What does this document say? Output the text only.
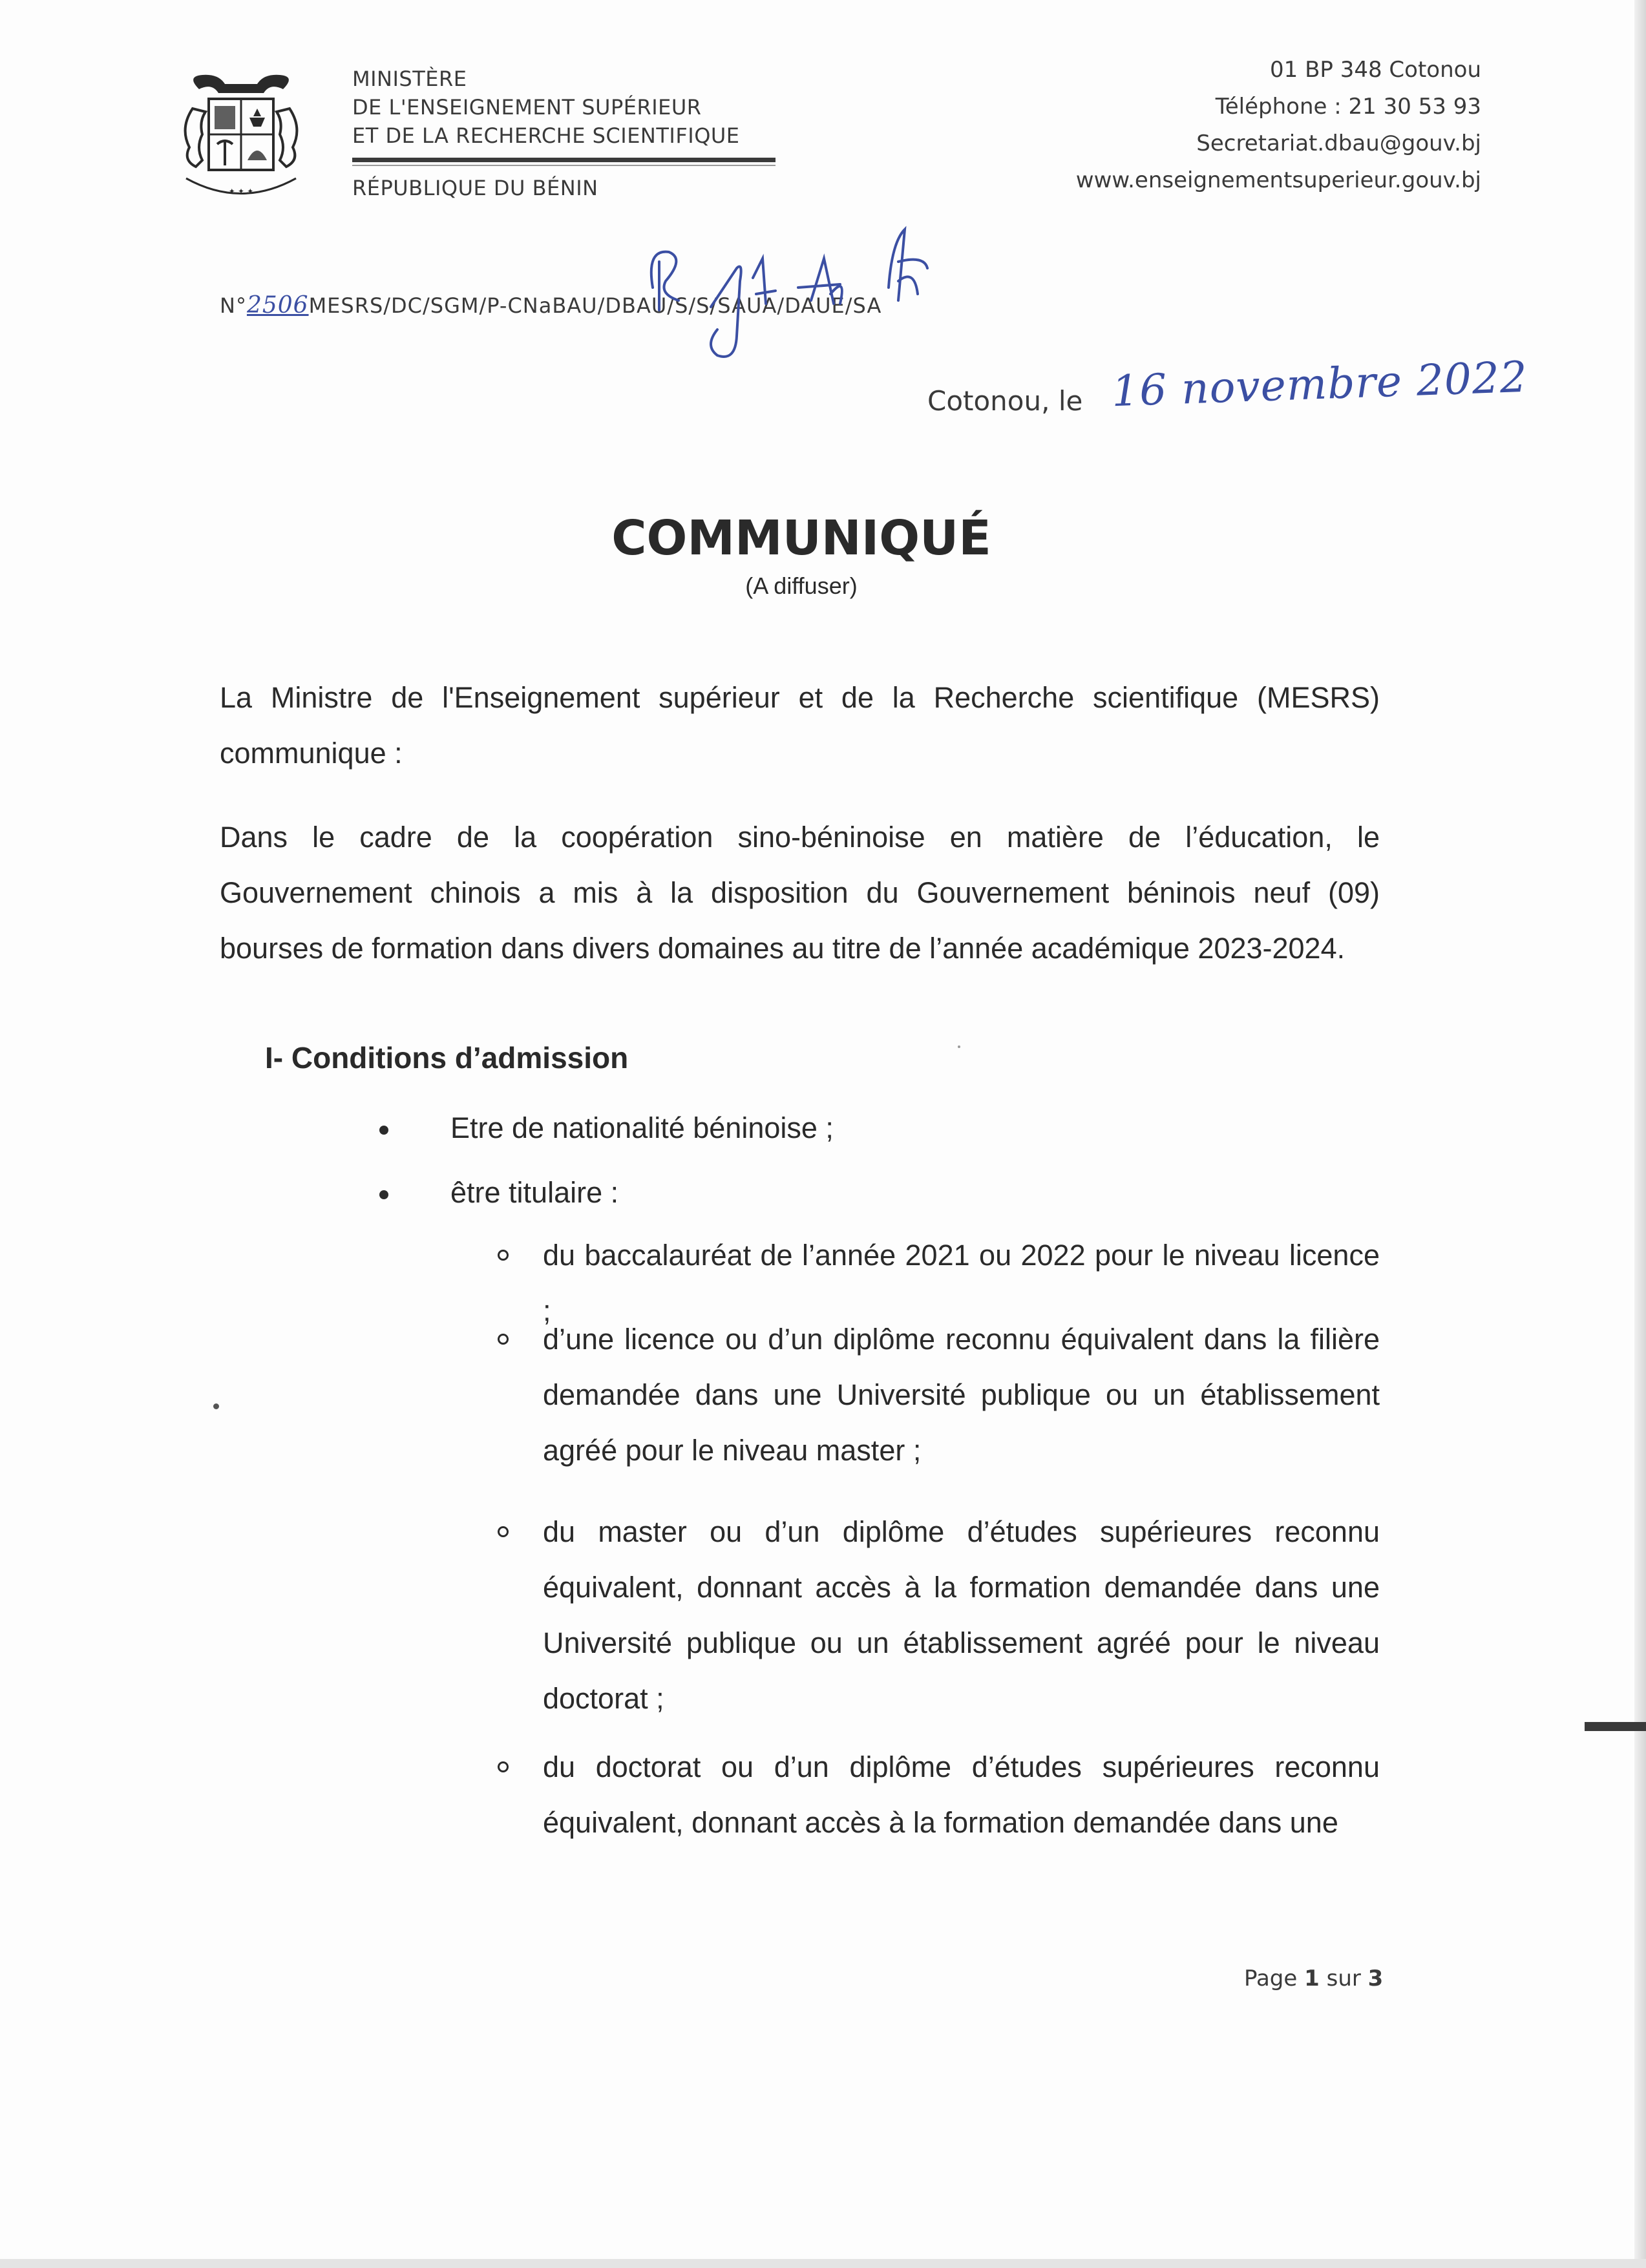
✦ ✦ ✦
MINISTÈRE
DE L'ENSEIGNEMENT SUPÉRIEUR
ET DE LA RECHERCHE SCIENTIFIQUE
RÉPUBLIQUE DU BÉNIN
01 BP 348 Cotonou
Téléphone : 21 30 53 93
Secretariat.dbau@gouv.bj
www.enseignementsuperieur.gouv.bj
N°2506MESRS/DC/SGM/P-CNaBAU/DBAU/S/S/SAUA/DAUE/SA
Cotonou, le 16 novembre 2022
COMMUNIQUÉ
(A diffuser)
La Ministre de l'Enseignement supérieur et de la Recherche scientifique (MESRS) communique :
Dans le cadre de la coopération sino-béninoise en matière de l’éducation, le Gouvernement chinois a mis à la disposition du Gouvernement béninois neuf (09) bourses de formation dans divers domaines au titre de l’année académique 2023-2024.
I- Conditions d’admission
Etre de nationalité béninoise ;
être titulaire :
du baccalauréat de l’année 2021 ou 2022 pour le niveau licence ;
d’une licence ou d’un diplôme reconnu équivalent dans la filière demandée dans une Université publique ou un établissement agréé pour le niveau master ;
du master ou d’un diplôme d’études supérieures reconnu équivalent, donnant accès à la formation demandée dans une Université publique ou un établissement agréé pour le niveau doctorat ;
du doctorat ou d’un diplôme d’études supérieures reconnu équivalent, donnant accès à la formation demandée dans une
Page 1 sur 3
